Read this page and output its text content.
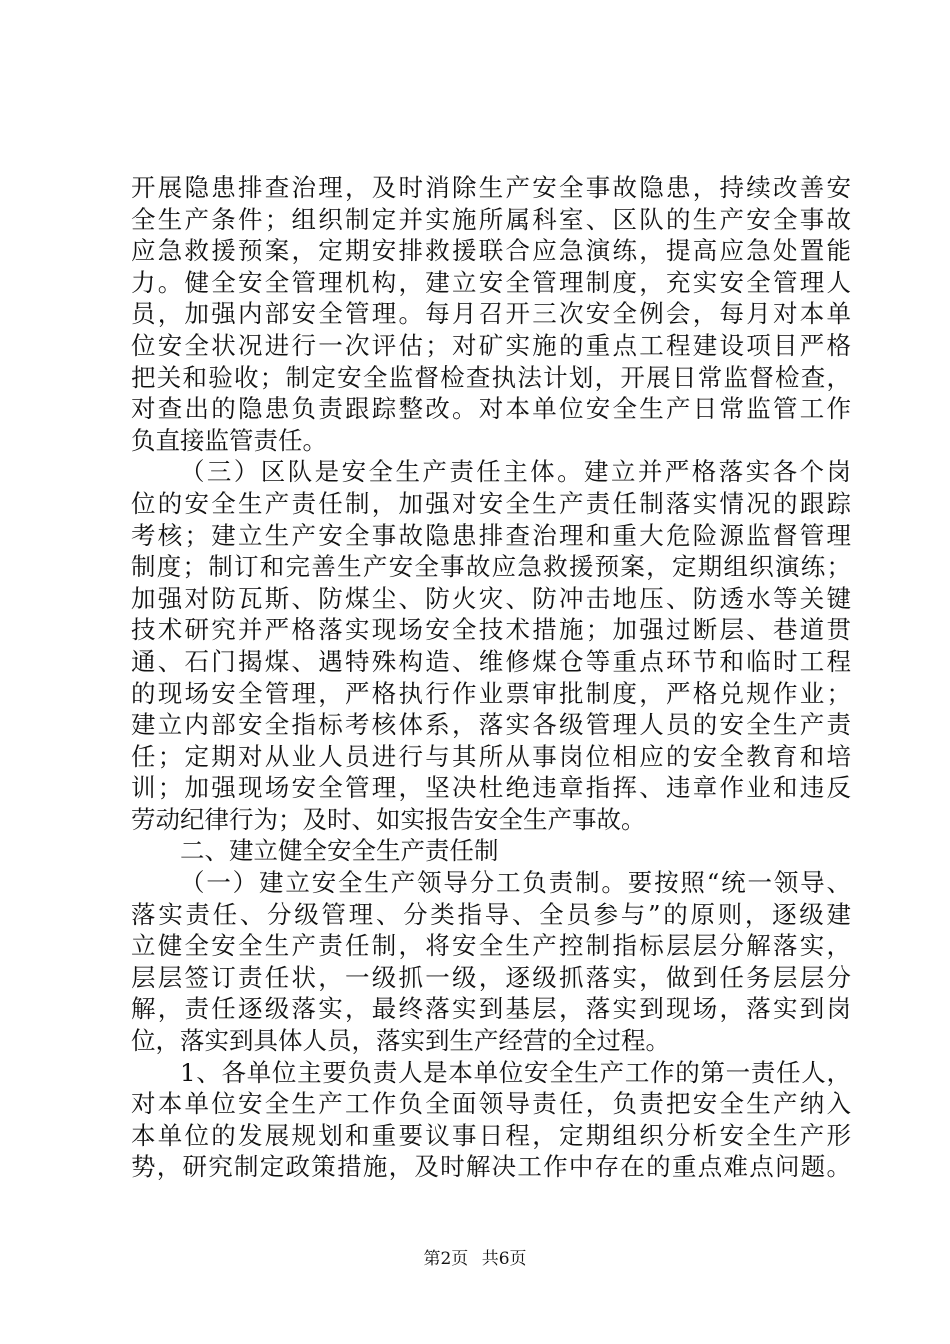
开展隐患排查治理，及时消除生产安全事故隐患，持续改善安
全生产条件；组织制定并实施所属科室、区队的生产安全事故
应急救援预案，定期安排救援联合应急演练，提高应急处置能
力。健全安全管理机构，建立安全管理制度，充实安全管理人
员，加强内部安全管理。每月召开三次安全例会，每月对本单
位安全状况进行一次评估；对矿实施的重点工程建设项目严格
把关和验收；制定安全监督检查执法计划，开展日常监督检查，
对查出的隐患负责跟踪整改。对本单位安全生产日常监管工作
负直接监管责任。
（三）区队是安全生产责任主体。建立并严格落实各个岗
位的安全生产责任制，加强对安全生产责任制落实情况的跟踪
考核；建立生产安全事故隐患排查治理和重大危险源监督管理
制度；制订和完善生产安全事故应急救援预案，定期组织演练；
加强对防瓦斯、防煤尘、防火灾、防冲击地压、防透水等关键
技术研究并严格落实现场安全技术措施；加强过断层、巷道贯
通、石门揭煤、遇特殊构造、维修煤仓等重点环节和临时工程
的现场安全管理，严格执行作业票审批制度，严格兑规作业；
建立内部安全指标考核体系，落实各级管理人员的安全生产责
任；定期对从业人员进行与其所从事岗位相应的安全教育和培
训；加强现场安全管理，坚决杜绝违章指挥、违章作业和违反
劳动纪律行为；及时、如实报告安全生产事故。
二、建立健全安全生产责任制
（一）建立安全生产领导分工负责制。要按照“统一领导、
落实责任、分级管理、分类指导、全员参与”的原则，逐级建
立健全安全生产责任制，将安全生产控制指标层层分解落实，
层层签订责任状，一级抓一级，逐级抓落实，做到任务层层分
解，责任逐级落实，最终落实到基层，落实到现场，落实到岗
位，落实到具体人员，落实到生产经营的全过程。
1、各单位主要负责人是本单位安全生产工作的第一责任人，
对本单位安全生产工作负全面领导责任，负责把安全生产纳入
本单位的发展规划和重要议事日程，定期组织分析安全生产形
势，研究制定政策措施，及时解决工作中存在的重点难点问题。
第2页 共6页
